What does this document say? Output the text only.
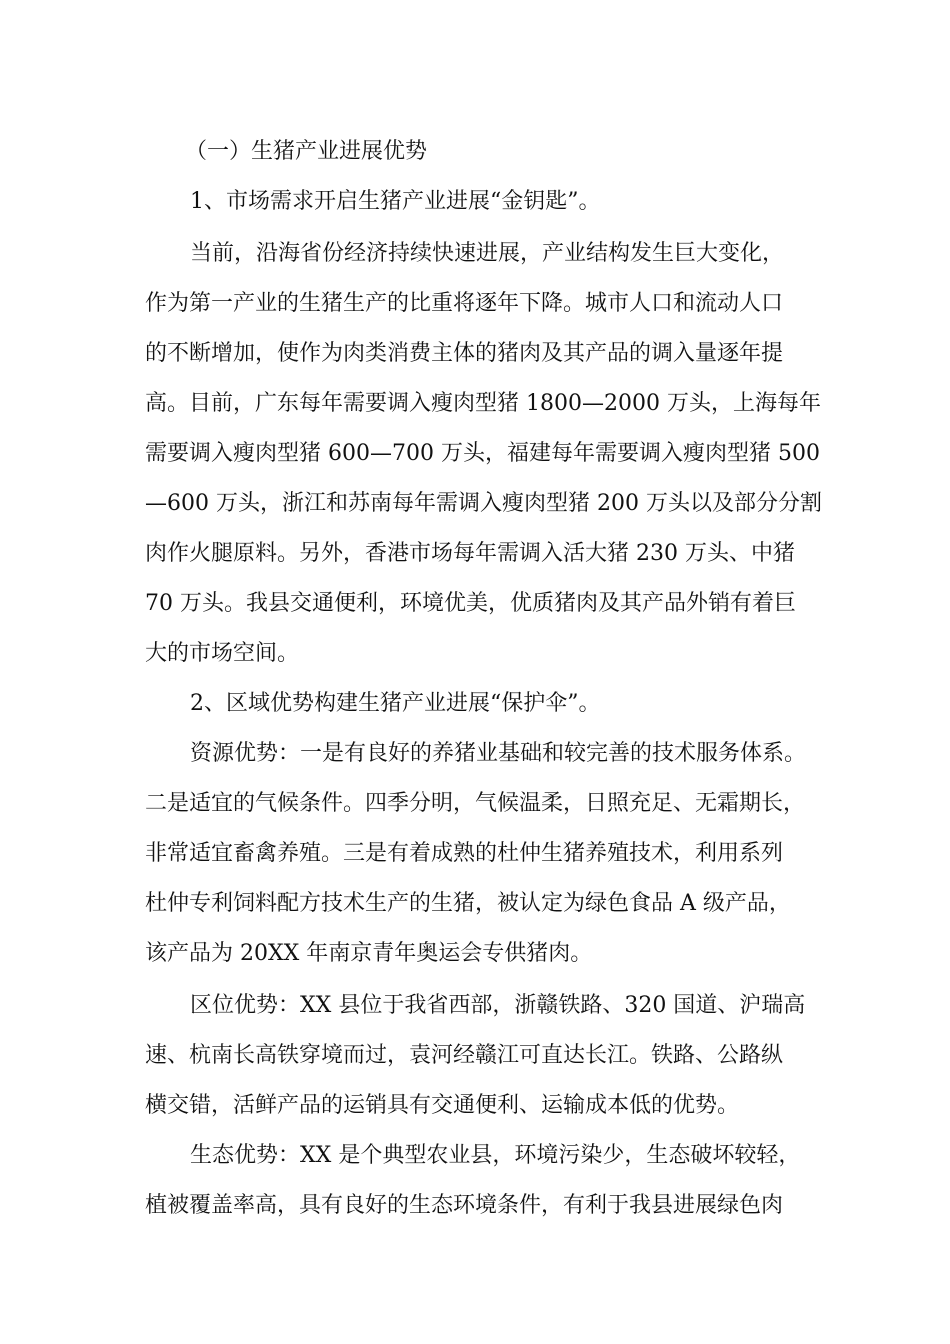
（一）生猪产业进展优势
1、市场需求开启生猪产业进展“金钥匙”。
当前，沿海省份经济持续快速进展，产业结构发生巨大变化，
作为第一产业的生猪生产的比重将逐年下降。城市人口和流动人口
的不断增加，使作为肉类消费主体的猪肉及其产品的调入量逐年提
高。目前，广东每年需要调入瘦肉型猪 1800—2000 万头，上海每年
需要调入瘦肉型猪 600—700 万头，福建每年需要调入瘦肉型猪 500
—600 万头，浙江和苏南每年需调入瘦肉型猪 200 万头以及部分分割
肉作火腿原料。另外，香港市场每年需调入活大猪 230 万头、中猪
70 万头。我县交通便利，环境优美，优质猪肉及其产品外销有着巨
大的市场空间。
2、区域优势构建生猪产业进展“保护伞”。
资源优势：一是有良好的养猪业基础和较完善的技术服务体系。
二是适宜的气候条件。四季分明，气候温柔，日照充足、无霜期长，
非常适宜畜禽养殖。三是有着成熟的杜仲生猪养殖技术，利用系列
杜仲专利饲料配方技术生产的生猪，被认定为绿色食品 A 级产品，
该产品为 20XX 年南京青年奥运会专供猪肉。
区位优势：XX 县位于我省西部，浙赣铁路、320 国道、沪瑞高
速、杭南长高铁穿境而过，袁河经赣江可直达长江。铁路、公路纵
横交错，活鲜产品的运销具有交通便利、运输成本低的优势。
生态优势：XX 是个典型农业县，环境污染少，生态破坏较轻，
植被覆盖率高，具有良好的生态环境条件，有利于我县进展绿色肉
